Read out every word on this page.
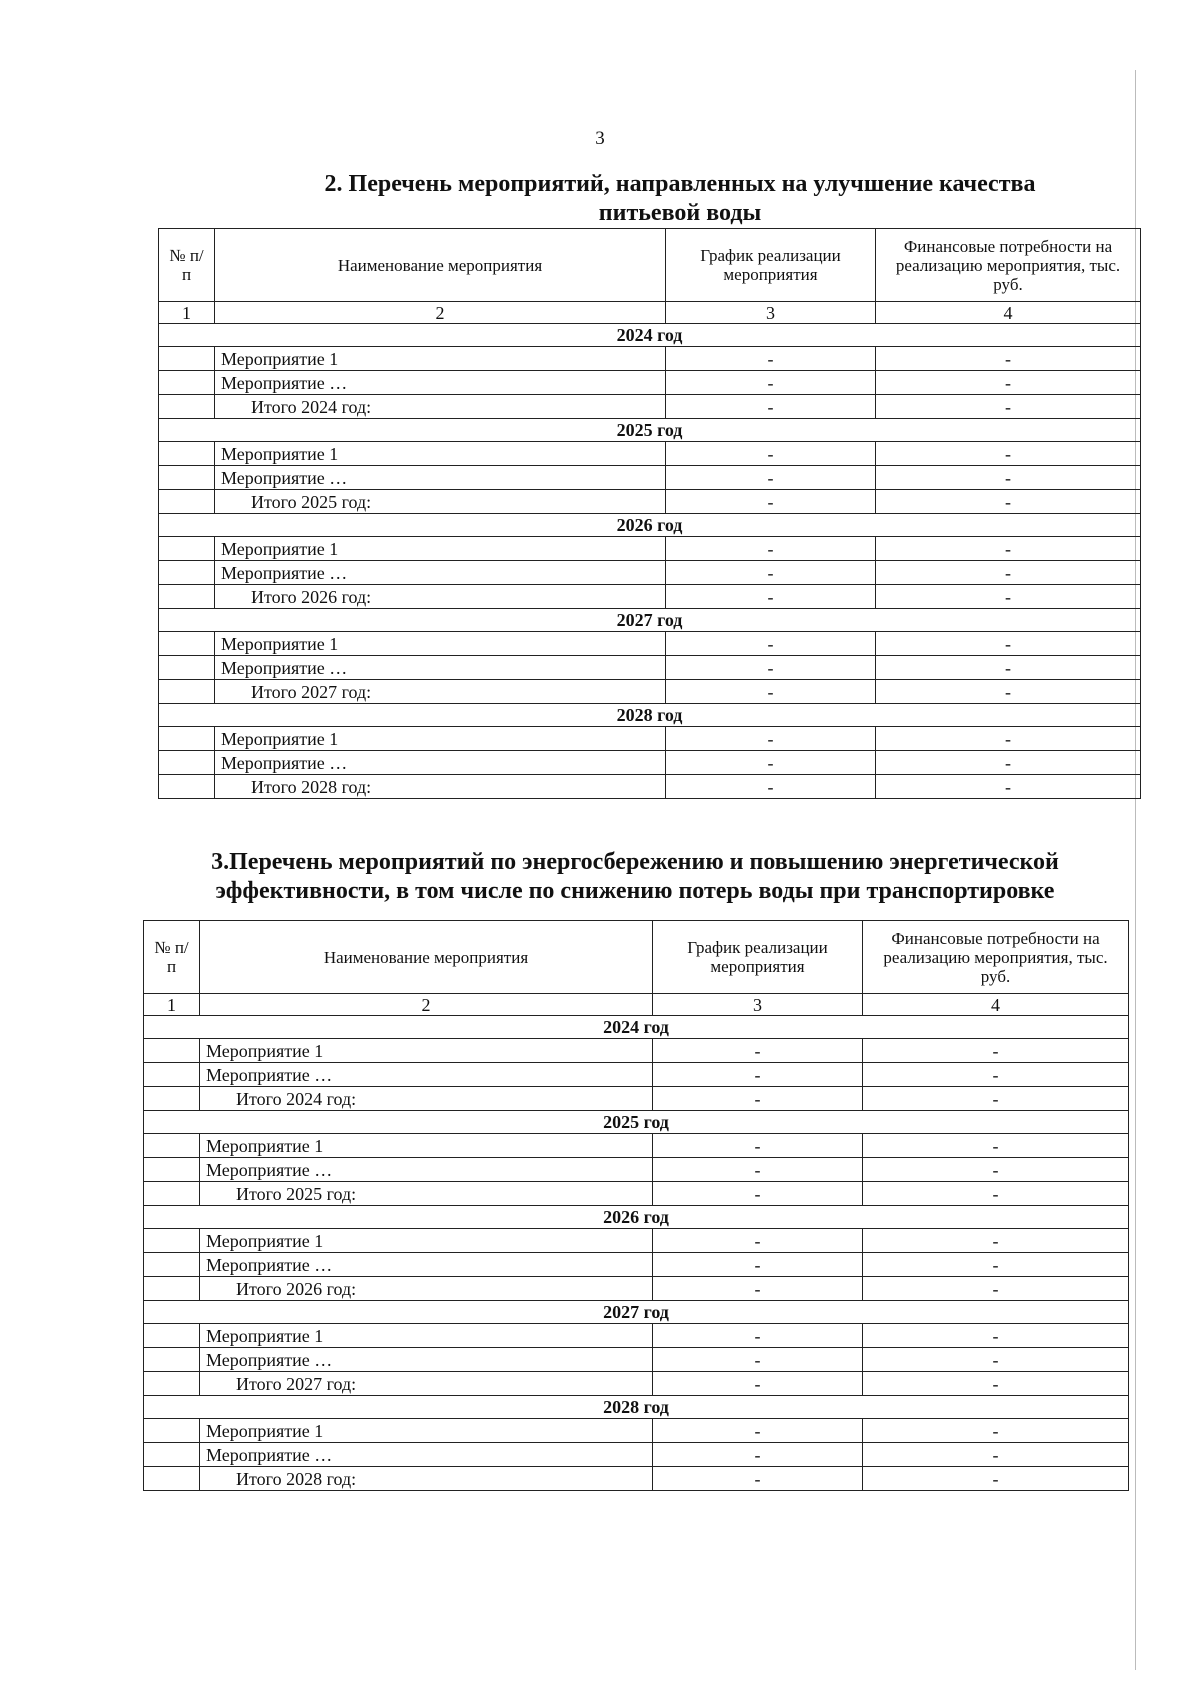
3
2. Перечень мероприятий, направленных на улучшение качества
питьевой воды
№ п/п	Наименование мероприятия	График реализации мероприятия	Финансовые потребности на реализацию мероприятия, тыс. руб.
1	2	3	4
2024 год			
	Мероприятие 1	-	-
	Мероприятие …	-	-
	Итого 2024 год:	-	-
2025 год			
	Мероприятие 1	-	-
	Мероприятие …	-	-
	Итого 2025 год:	-	-
2026 год			
	Мероприятие 1	-	-
	Мероприятие …	-	-
	Итого 2026 год:	-	-
2027 год			
	Мероприятие 1	-	-
	Мероприятие …	-	-
	Итого 2027 год:	-	-
2028 год			
	Мероприятие 1	-	-
	Мероприятие …	-	-
	Итого 2028 год:	-	-
3.Перечень мероприятий по энергосбережению и повышению энергетической
эффективности, в том числе по снижению потерь воды при транспортировке
№ п/п	Наименование мероприятия	График реализации мероприятия	Финансовые потребности на реализацию мероприятия, тыс. руб.
1	2	3	4
2024 год			
	Мероприятие 1	-	-
	Мероприятие …	-	-
	Итого 2024 год:	-	-
2025 год			
	Мероприятие 1	-	-
	Мероприятие …	-	-
	Итого 2025 год:	-	-
2026 год			
	Мероприятие 1	-	-
	Мероприятие …	-	-
	Итого 2026 год:	-	-
2027 год			
	Мероприятие 1	-	-
	Мероприятие …	-	-
	Итого 2027 год:	-	-
2028 год			
	Мероприятие 1	-	-
	Мероприятие …	-	-
	Итого 2028 год:	-	-
